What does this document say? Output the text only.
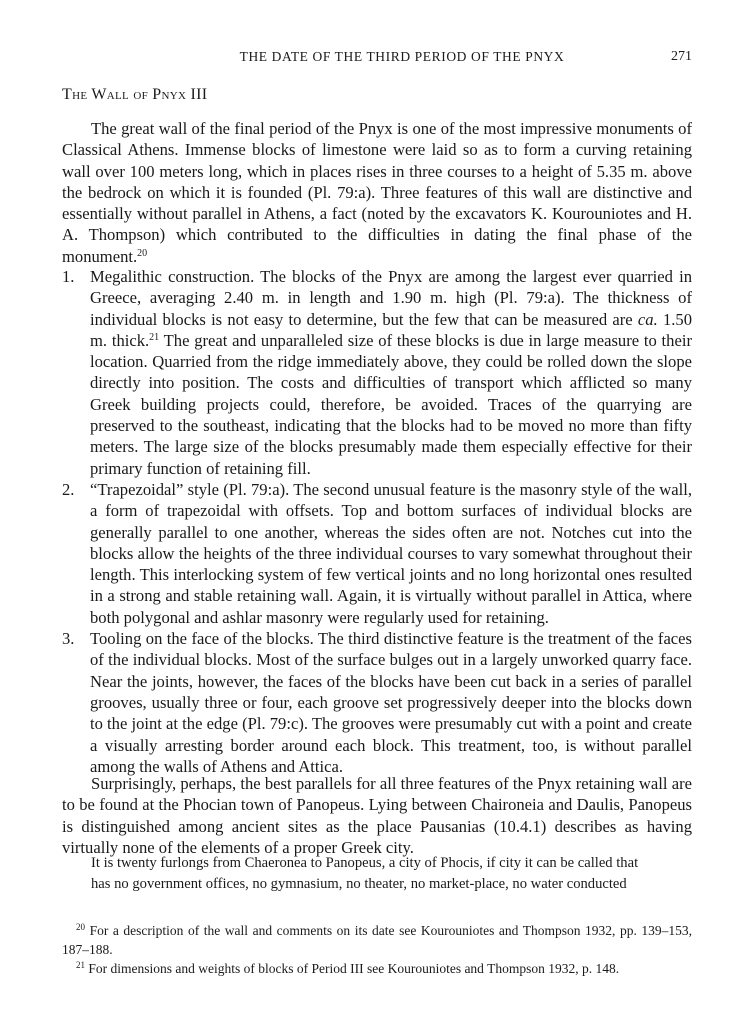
THE DATE OF THE THIRD PERIOD OF THE PNYX	271
The Wall of Pnyx III

The great wall of the final period of the Pnyx is one of the most impressive monuments of Classical Athens. Immense blocks of limestone were laid so as to form a curving retaining wall over 100 meters long, which in places rises in three courses to a height of 5.35 m. above the bedrock on which it is founded (Pl. 79:a). Three features of this wall are distinctive and essentially without parallel in Athens, a fact (noted by the excavators K. Kourouniotes and H. A. Thompson) which contributed to the difficulties in dating the final phase of the monument.$^{20}$

1. Megalithic construction. The blocks of the Pnyx are among the largest ever quarried in Greece, averaging 2.40 m. in length and 1.90 m. high (Pl. 79:a). The thickness of individual blocks is not easy to determine, but the few that can be measured are ca. 1.50 m. thick.$^{21}$ The great and unparalleled size of these blocks is due in large measure to their location. Quarried from the ridge immediately above, they could be rolled down the slope directly into position. The costs and difficulties of transport which afflicted so many Greek building projects could, therefore, be avoided. Traces of the quarrying are preserved to the southeast, indicating that the blocks had to be moved no more than fifty meters. The large size of the blocks presumably made them especially effective for their primary function of retaining fill.
2. “Trapezoidal” style (Pl. 79:a). The second unusual feature is the masonry style of the wall, a form of trapezoidal with offsets. Top and bottom surfaces of individual blocks are generally parallel to one another, whereas the sides often are not. Notches cut into the blocks allow the heights of the three individual courses to vary somewhat throughout their length. This interlocking system of few vertical joints and no long horizontal ones resulted in a strong and stable retaining wall. Again, it is virtually without parallel in Attica, where both polygonal and ashlar masonry were regularly used for retaining.
3. Tooling on the face of the blocks. The third distinctive feature is the treatment of the faces of the individual blocks. Most of the surface bulges out in a largely unworked quarry face. Near the joints, however, the faces of the blocks have been cut back in a series of parallel grooves, usually three or four, each groove set progressively deeper into the blocks down to the joint at the edge (Pl. 79:c). The grooves were presumably cut with a point and create a visually arresting border around each block. This treatment, too, is without parallel among the walls of Athens and Attica.

Surprisingly, perhaps, the best parallels for all three features of the Pnyx retaining wall are to be found at the Phocian town of Panopeus. Lying between Chaironeia and Daulis, Panopeus is distinguished among ancient sites as the place Pausanias (10.4.1) describes as having virtually none of the elements of a proper Greek city.

It is twenty furlongs from Chaeronea to Panopeus, a city of Phocis, if city it can be called that
has no government offices, no gymnasium, no theater, no market-place, no water conducted

$^{20}$ For a description of the wall and comments on its date see Kourouniotes and Thompson 1932, pp. 139–153, 187–188.

$^{21}$ For dimensions and weights of blocks of Period III see Kourouniotes and Thompson 1932, p. 148.
